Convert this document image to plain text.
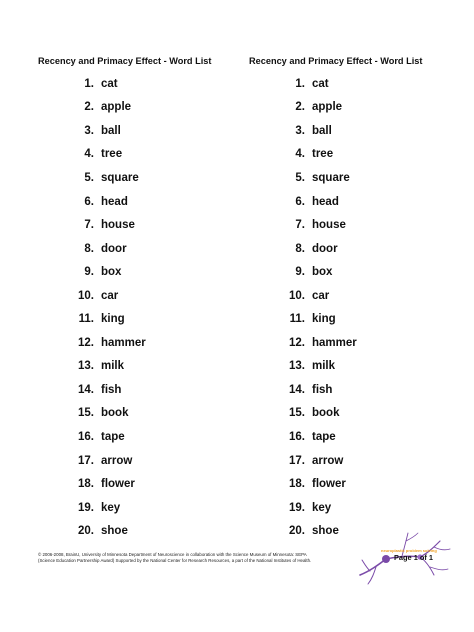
Recency and Primacy Effect - Word List
1. cat
2. apple
3. ball
4. tree
5. square
6. head
7. house
8. door
9. box
10. car
11. king
12. hammer
13. milk
14. fish
15. book
16. tape
17. arrow
18. flower
19. key
20. shoe
Recency and Primacy Effect - Word List
1. cat
2. apple
3. ball
4. tree
5. square
6. head
7. house
8. door
9. box
10. car
11. king
12. hammer
13. milk
14. fish
15. book
16. tape
17. arrow
18. flower
19. key
20. shoe

© 2006-2008, BrainU, University of Minnesota Department of Neuroscience in collaboration with the Science Museum of Minnesota: SEPA

(Science Education Partnership Award) Supported by the National Center for Research Resources, a part of the National Institutes of Health.

neuroplastic problem solving
Page 1 of 1
